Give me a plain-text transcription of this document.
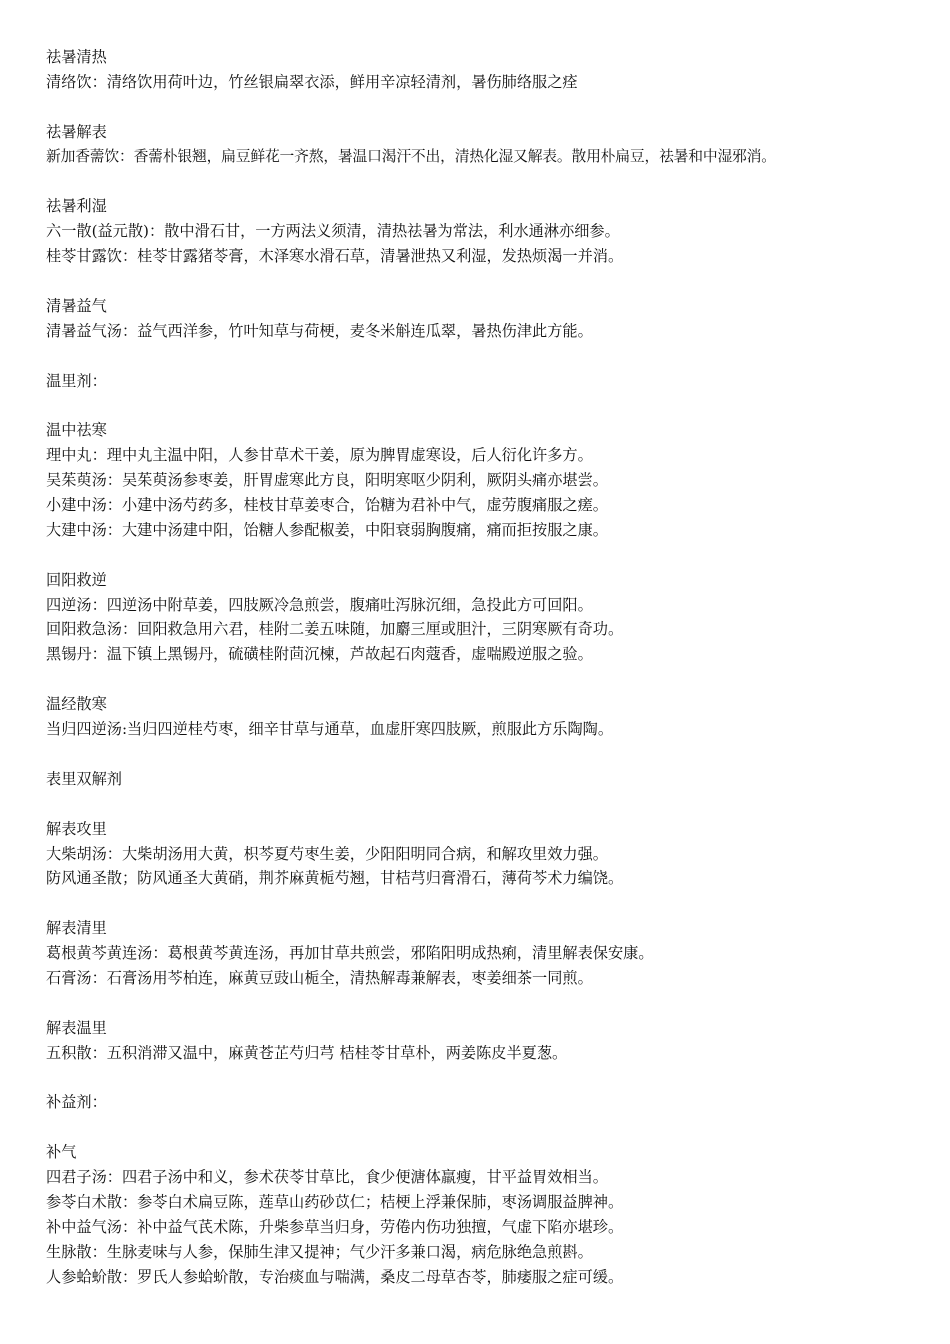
祛暑清热
清络饮：清络饮用荷叶边，竹丝银扁翠衣添，鲜用辛凉轻清剂，暑伤肺络服之痊
祛暑解表
新加香薷饮：香薷朴银翘，扁豆鲜花一齐熬，暑温口渴汗不出，清热化湿又解表。散用朴扁豆，祛暑和中湿邪消。
祛暑利湿
六一散(益元散)：散中滑石甘，一方两法义须清，清热祛暑为常法，利水通淋亦细参。
桂苓甘露饮：桂苓甘露猪苓膏，木泽寒水滑石草，清暑泄热又利湿，发热烦渴一并消。
清暑益气
清暑益气汤：益气西洋参，竹叶知草与荷梗，麦冬米斛连瓜翠，暑热伤津此方能。
温里剂：
温中祛寒
理中丸：理中丸主温中阳，人参甘草术干姜，原为脾胃虚寒设，后人衍化许多方。
吴茱萸汤：吴茱萸汤参枣姜，肝胃虚寒此方良，阳明寒呕少阴利，厥阴头痛亦堪尝。
小建中汤：小建中汤芍药多，桂枝甘草姜枣合，饴糖为君补中气，虚劳腹痛服之瘥。
大建中汤：大建中汤建中阳，饴糖人参配椒姜，中阳衰弱胸腹痛，痛而拒按服之康。
回阳救逆
四逆汤：四逆汤中附草姜，四肢厥冷急煎尝，腹痛吐泻脉沉细，急投此方可回阳。
回阳救急汤：回阳救急用六君，桂附二姜五味随，加麝三厘或胆汁，三阴寒厥有奇功。
黑锡丹：温下镇上黑锡丹，硫磺桂附茴沉楝，芦故起石肉蔻香，虚喘殿逆服之验。
温经散寒
当归四逆汤:当归四逆桂芍枣，细辛甘草与通草，血虚肝寒四肢厥，煎服此方乐陶陶。
表里双解剂
解表攻里
大柴胡汤：大柴胡汤用大黄，枳芩夏芍枣生姜，少阳阳明同合病，和解攻里效力强。
防风通圣散；防风通圣大黄硝，荆芥麻黄栀芍翘，甘桔芎归膏滑石，薄荷芩术力编饶。
解表清里
葛根黄芩黄连汤：葛根黄芩黄连汤，再加甘草共煎尝，邪陷阳明成热痢，清里解表保安康。
石膏汤：石膏汤用芩柏连，麻黄豆豉山栀全，清热解毒兼解表，枣姜细茶一同煎。
解表温里
五积散：五积消滞又温中，麻黄苍芷芍归芎 桔桂苓甘草朴，两姜陈皮半夏葱。
补益剂：
补气
四君子汤：四君子汤中和义，参术茯苓甘草比，食少便溏体羸瘦，甘平益胃效相当。
参苓白术散：参苓白术扁豆陈，莲草山药砂苡仁；桔梗上浮兼保肺，枣汤调服益脾神。
补中益气汤：补中益气芪术陈，升柴参草当归身，劳倦内伤功独擅，气虚下陷亦堪珍。
生脉散：生脉麦味与人参，保肺生津又提神；气少汗多兼口渴，病危脉绝急煎斟。
人参蛤蚧散：罗氏人参蛤蚧散，专治痰血与喘满，桑皮二母草杏苓，肺痿服之症可缓。
